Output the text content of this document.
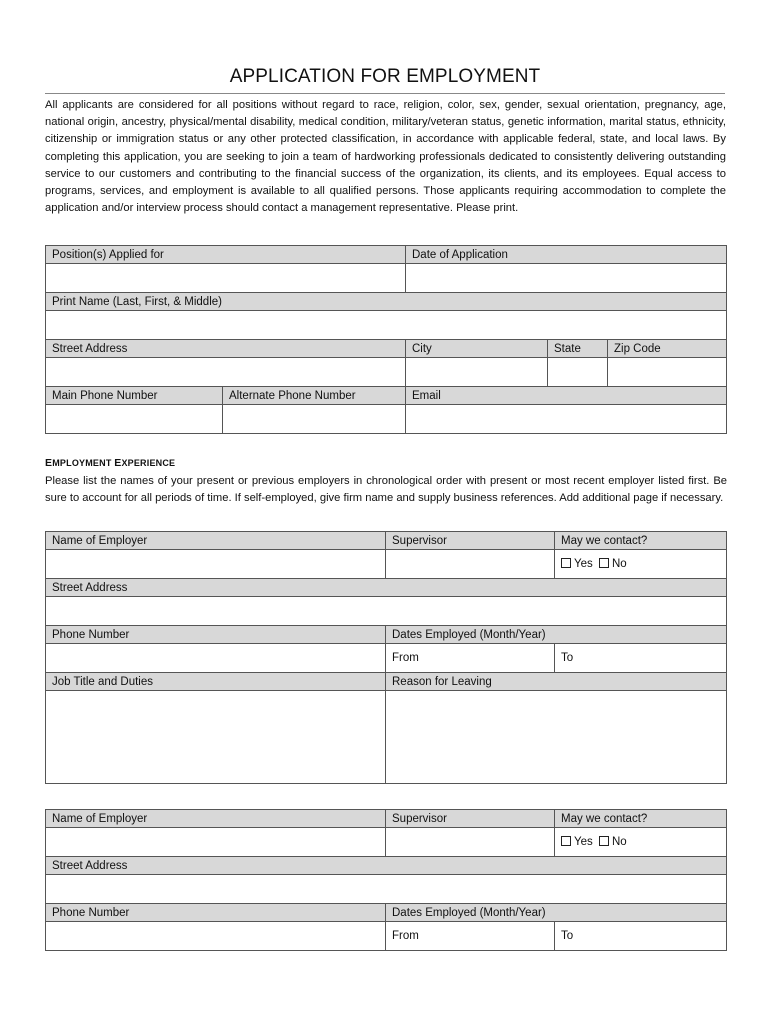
APPLICATION FOR EMPLOYMENT
All applicants are considered for all positions without regard to race, religion, color, sex, gender, sexual orientation, pregnancy, age, national origin, ancestry, physical/mental disability, medical condition, military/veteran status, genetic information, marital status, ethnicity, citizenship or immigration status or any other protected classification, in accordance with applicable federal, state, and local laws. By completing this application, you are seeking to join a team of hardworking professionals dedicated to consistently delivering outstanding service to our customers and contributing to the financial success of the organization, its clients, and its employees. Equal access to programs, services, and employment is available to all qualified persons. Those applicants requiring accommodation to complete the application and/or interview process should contact a management representative. Please print.
Position(s) Applied for		Date of Application		

Print Name (Last, First, & Middle)				

Street Address		City	State	Zip Code

Main Phone Number	Alternate Phone Number	Email		

EMPLOYMENT EXPERIENCE
Please list the names of your present or previous employers in chronological order with present or most recent employer listed first. Be sure to account for all periods of time. If self-employed, give firm name and supply business references. Add additional page if necessary.
Name of Employer	Supervisor	May we contact?
		Yes No
Street Address		

Phone Number	Dates Employed (Month/Year)	
	From	To
Job Title and Duties	Reason for Leaving	

Name of Employer	Supervisor	May we contact?
		Yes No
Street Address		

Phone Number	Dates Employed (Month/Year)	
	From	To
